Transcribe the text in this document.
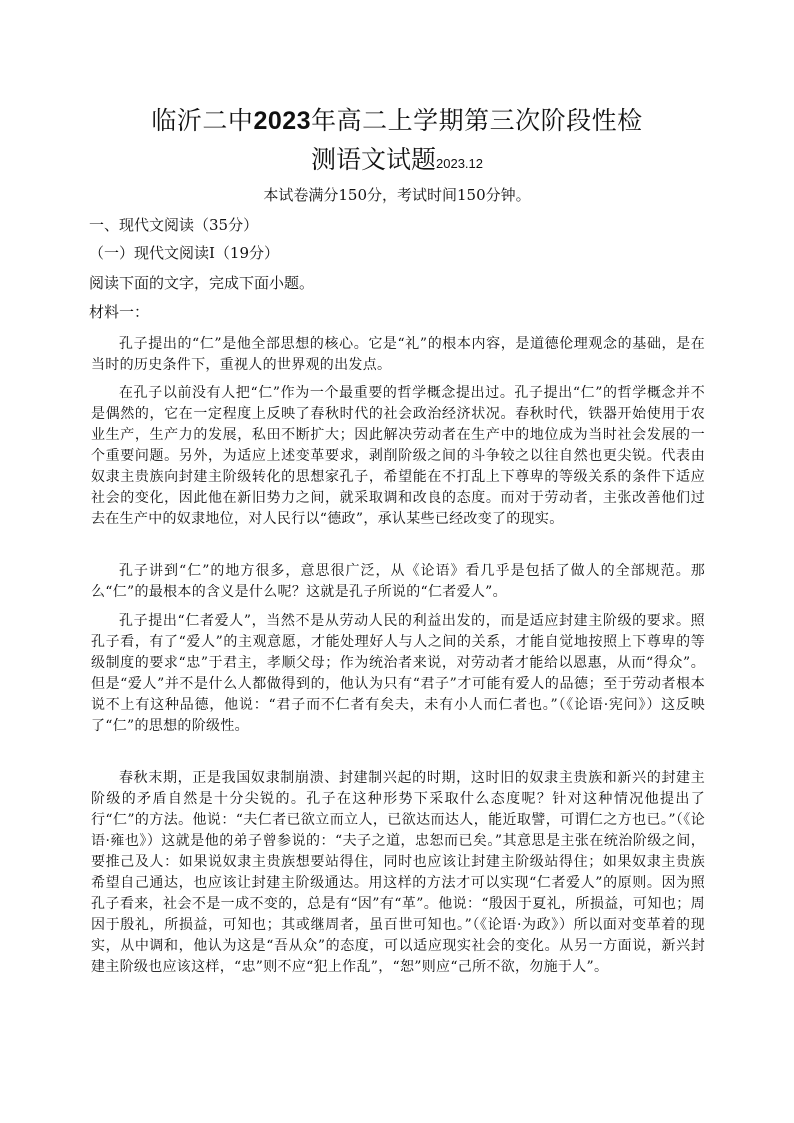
临沂二中2023年高二上学期第三次阶段性检
测语文试题2023.12
本试卷满分150分，考试时间150分钟。
一、现代文阅读（35分）
（一）现代文阅读Ⅰ（19分）
阅读下面的文字，完成下面小题。
材料一：

孔子提出的“仁”是他全部思想的核心。它是“礼”的根本内容，是道德伦理观念的基础，是在当时的历史条件下，重视人的世界观的出发点。

在孔子以前没有人把“仁”作为一个最重要的哲学概念提出过。孔子提出“仁”的哲学概念并不是偶然的，它在一定程度上反映了春秋时代的社会政治经济状况。春秋时代，铁器开始使用于农业生产，生产力的发展，私田不断扩大；因此解决劳动者在生产中的地位成为当时社会发展的一个重要问题。另外，为适应上述变革要求，剥削阶级之间的斗争较之以往自然也更尖锐。代表由奴隶主贵族向封建主阶级转化的思想家孔子，希望能在不打乱上下尊卑的等级关系的条件下适应社会的变化，因此他在新旧势力之间，就采取调和改良的态度。而对于劳动者，主张改善他们过去在生产中的奴隶地位，对人民行以“德政”，承认某些已经改变了的现实。

孔子讲到“仁”的地方很多，意思很广泛，从《论语》看几乎是包括了做人的全部规范。那么“仁”的最根本的含义是什么呢？这就是孔子所说的“仁者爱人”。

孔子提出“仁者爱人”，当然不是从劳动人民的利益出发的，而是适应封建主阶级的要求。照孔子看，有了“爱人”的主观意愿，才能处理好人与人之间的关系，才能自觉地按照上下尊卑的等级制度的要求“忠”于君主，孝顺父母；作为统治者来说，对劳动者才能给以恩惠，从而“得众”。但是“爱人”并不是什么人都做得到的，他认为只有“君子”才可能有爱人的品德；至于劳动者根本说不上有这种品德，他说：“君子而不仁者有矣夫，未有小人而仁者也。”（《论语·宪问》）这反映了“仁”的思想的阶级性。

春秋末期，正是我国奴隶制崩溃、封建制兴起的时期，这时旧的奴隶主贵族和新兴的封建主阶级的矛盾自然是十分尖锐的。孔子在这种形势下采取什么态度呢？针对这种情况他提出了行“仁”的方法。他说：“夫仁者已欲立而立人，已欲达而达人，能近取譬，可谓仁之方也已。”（《论语·雍也》）这就是他的弟子曾参说的：“夫子之道，忠恕而已矣。”其意思是主张在统治阶级之间，要推己及人：如果说奴隶主贵族想要站得住，同时也应该让封建主阶级站得住；如果奴隶主贵族希望自己通达，也应该让封建主阶级通达。用这样的方法才可以实现“仁者爱人”的原则。因为照孔子看来，社会不是一成不变的，总是有“因”有“革”。他说：“殷因于夏礼，所损益，可知也；周因于殷礼，所损益，可知也；其或继周者，虽百世可知也。”（《论语·为政》）所以面对变革着的现实，从中调和，他认为这是“吾从众”的态度，可以适应现实社会的变化。从另一方面说，新兴封建主阶级也应该这样，“忠”则不应“犯上作乱”，“恕”则应“己所不欲，勿施于人”。
